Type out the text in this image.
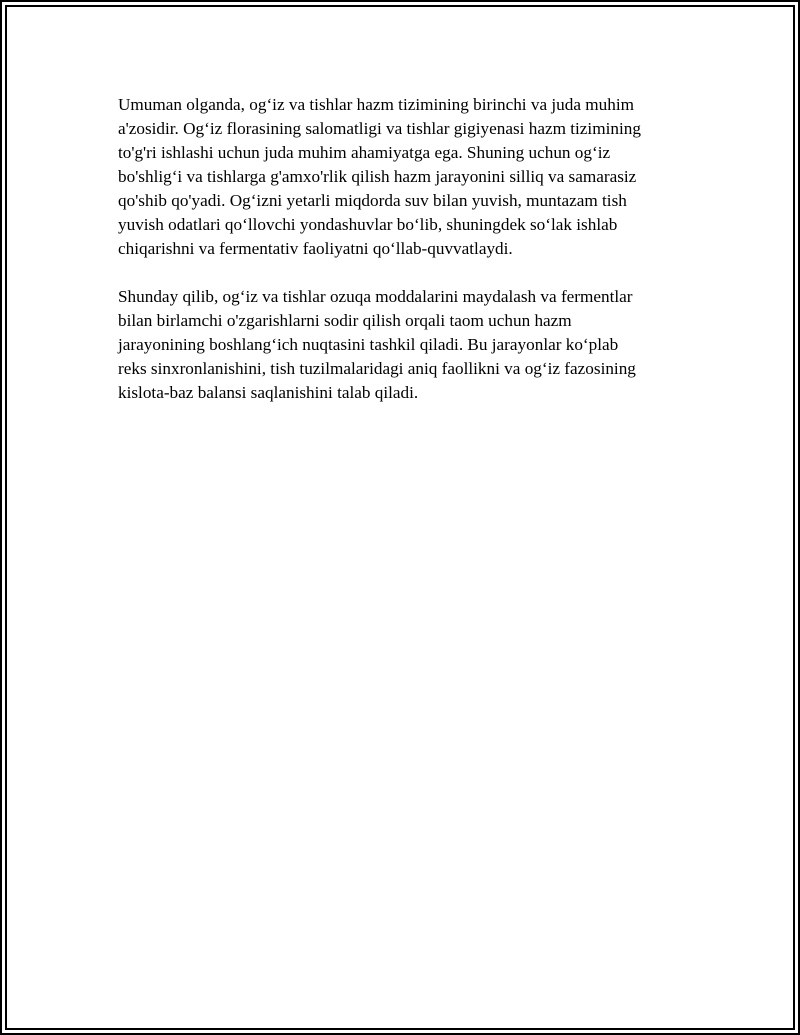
Umuman olganda, og‘iz va tishlar hazm tizimining birinchi va juda muhim
a'zosidir. Og‘iz florasining salomatligi va tishlar gigiyenasi hazm tizimining
to'g'ri ishlashi uchun juda muhim ahamiyatga ega. Shuning uchun og‘iz
bo'shlig‘i va tishlarga g'amxo'rlik qilish hazm jarayonini silliq va samarasiz
qo'shib qo'yadi. Og‘izni yetarli miqdorda suv bilan yuvish, muntazam tish
yuvish odatlari qo‘llovchi yondashuvlar bo‘lib, shuningdek so‘lak ishlab
chiqarishni va fermentativ faoliyatni qo‘llab-quvvatlaydi.

Shunday qilib, og‘iz va tishlar ozuqa moddalarini maydalash va fermentlar
bilan birlamchi o'zgarishlarni sodir qilish orqali taom uchun hazm
jarayonining boshlang‘ich nuqtasini tashkil qiladi. Bu jarayonlar ko‘plab
reks sinxronlanishini, tish tuzilmalaridagi aniq faollikni va og‘iz fazosining
kislota-baz balansi saqlanishini talab qiladi.
